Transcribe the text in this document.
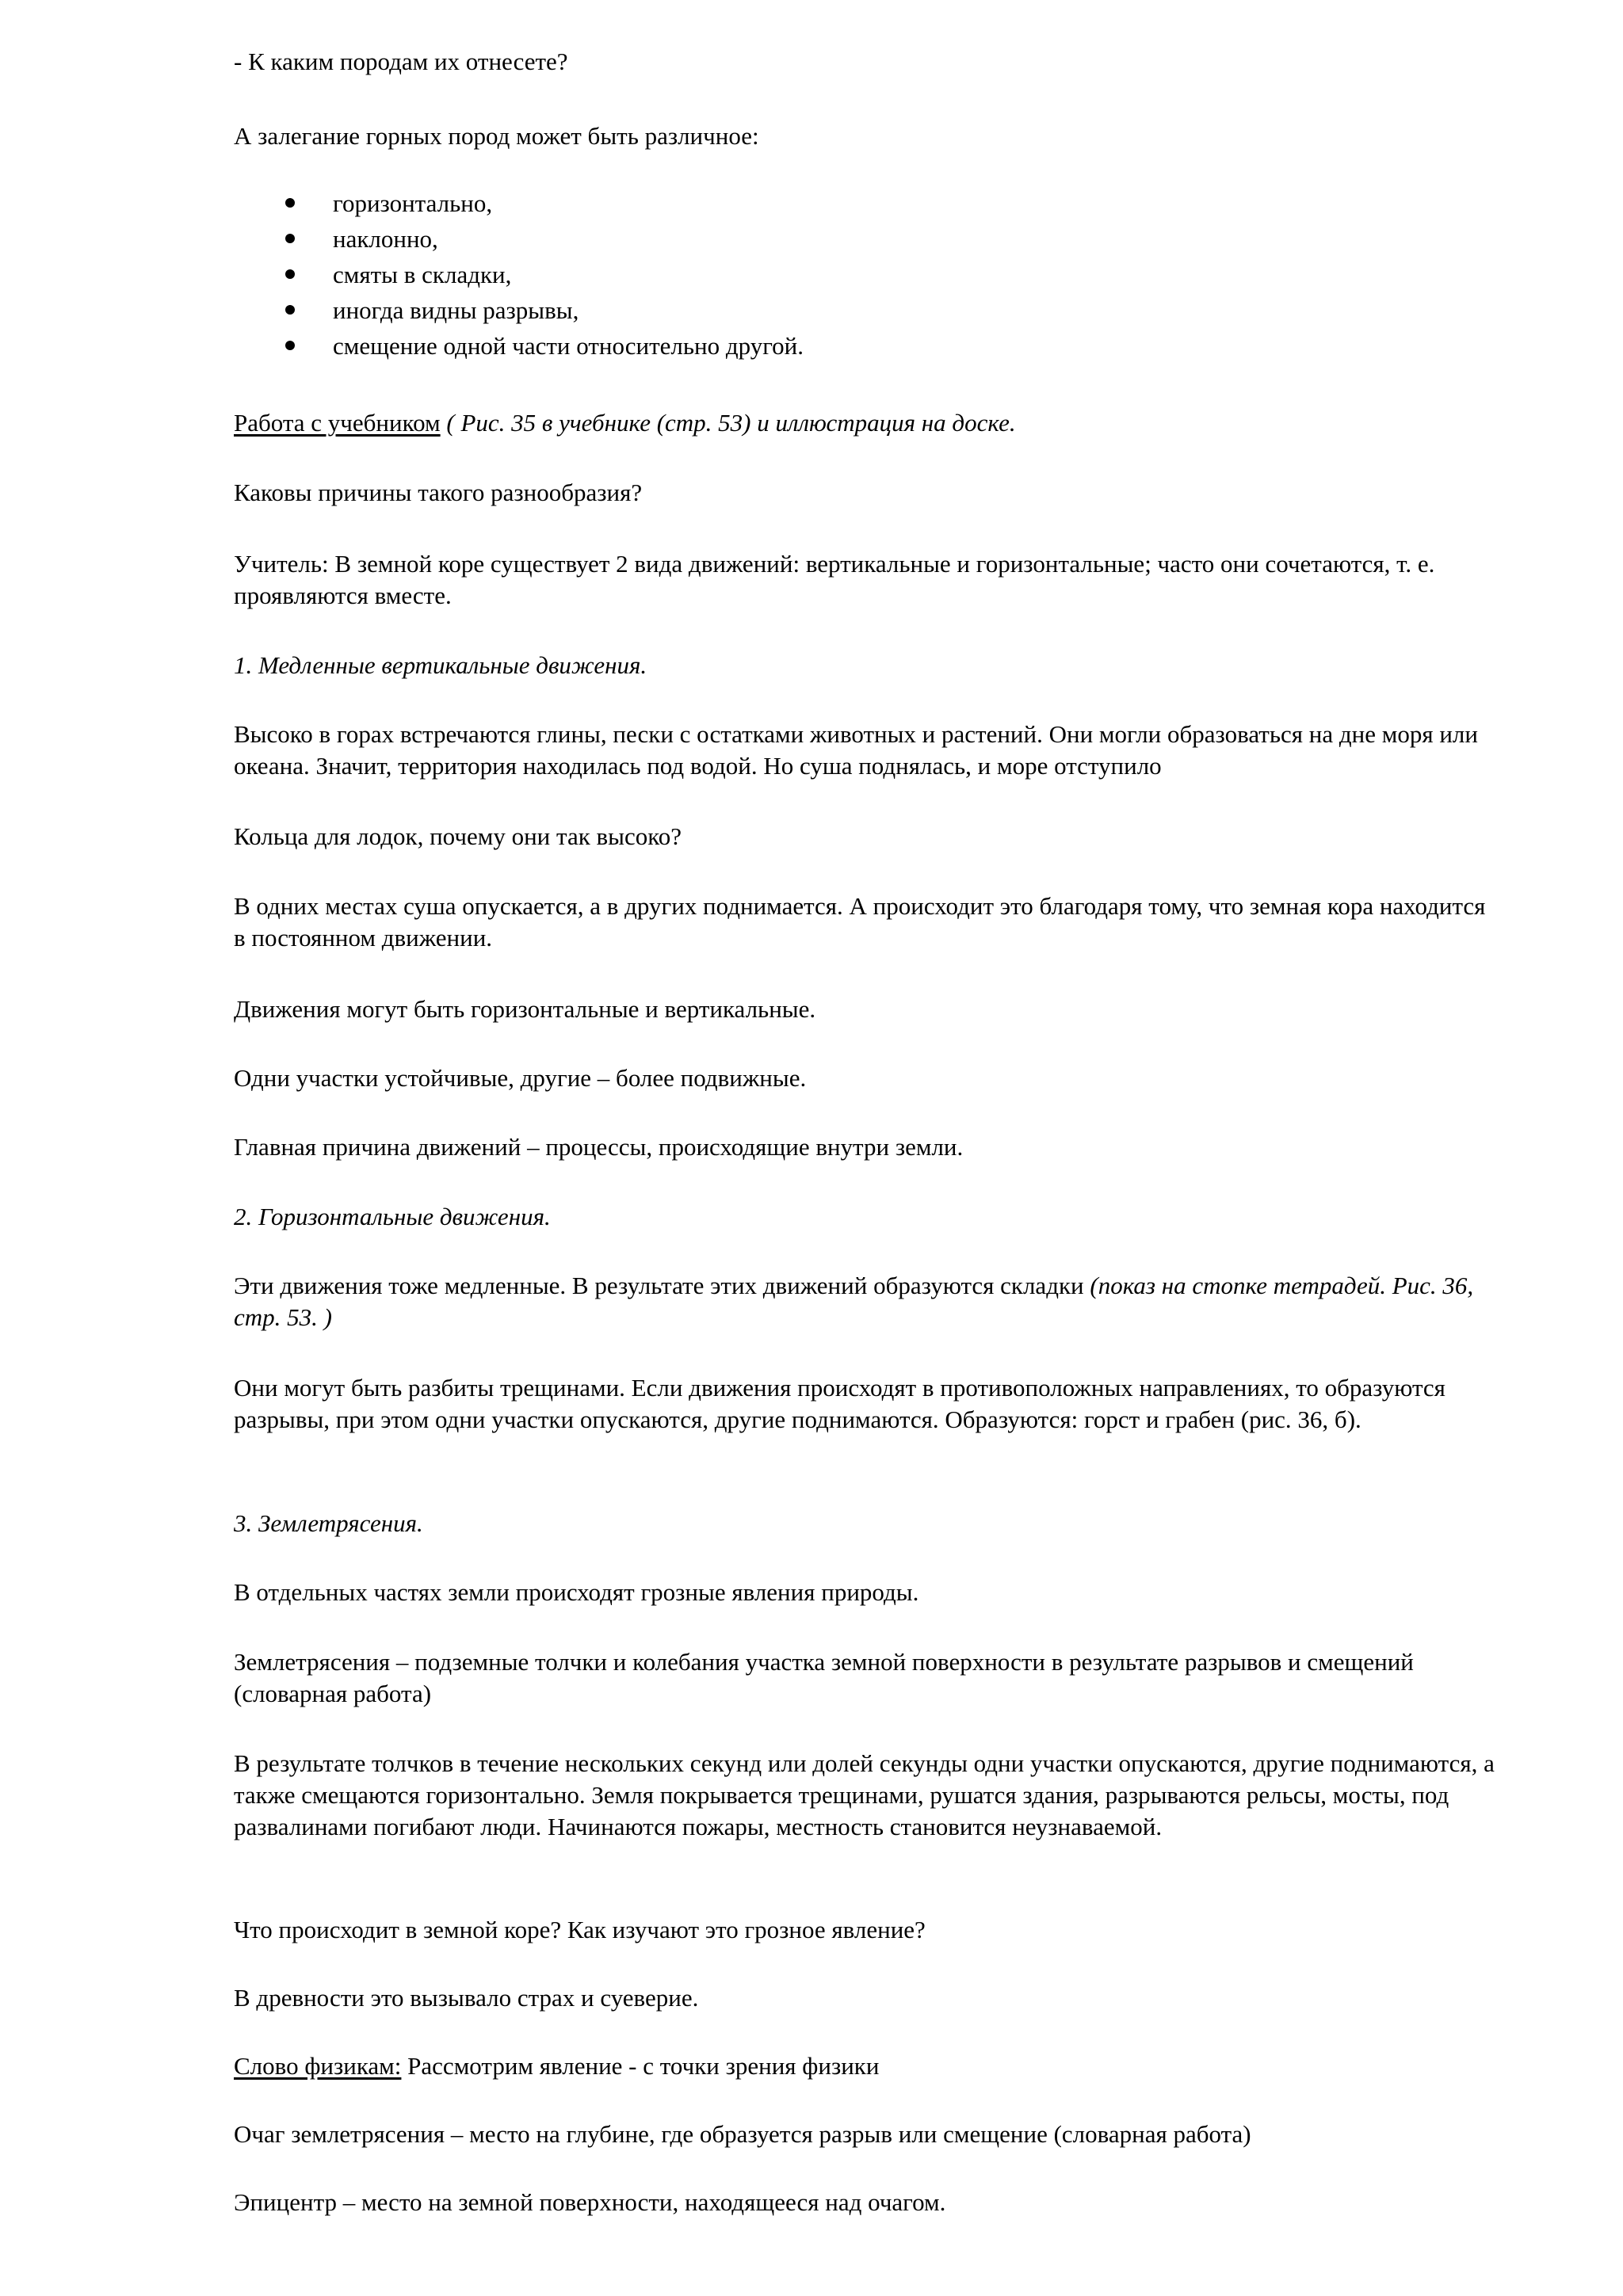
- К каким породам их отнесете?

А залегание горных пород может быть различное:

горизонтально,
наклонно,
смяты в складки,
иногда видны разрывы,
смещение одной части относительно другой.

Работа с учебником ( Рис. 35 в учебнике (стр. 53) и иллюстрация на доске.

Каковы причины такого разнообразия?

Учитель: В земной коре существует 2 вида движений: вертикальные и горизонтальные; часто они сочетаются, т. е. проявляются вместе.

1. Медленные вертикальные движения.

Высоко в горах встречаются глины, пески с остатками животных и растений. Они могли образоваться на дне моря или океана. Значит, территория находилась под водой. Но суша поднялась, и море отступило

Кольца для лодок, почему они так высоко?

В одних местах суша опускается, а в других поднимается. А происходит это благодаря тому, что земная кора находится в постоянном движении.

Движения могут быть горизонтальные и вертикальные.

Одни участки устойчивые, другие – более подвижные.

Главная причина движений – процессы, происходящие внутри земли.

2. Горизонтальные движения.

Эти движения тоже медленные. В результате этих движений образуются складки (показ на стопке тетрадей. Рис. 36, стр. 53. )

Они могут быть разбиты трещинами. Если движения происходят в противоположных направлениях, то образуются разрывы, при этом одни участки опускаются, другие поднимаются. Образуются: горст и грабен (рис. 36, б).

3. Землетрясения.

В отдельных частях земли происходят грозные явления природы.

Землетрясения – подземные толчки и колебания участка земной поверхности в результате разрывов и смещений (словарная работа)

В результате толчков в течение нескольких секунд или долей секунды одни участки опускаются, другие поднимаются, а также смещаются горизонтально. Земля покрывается трещинами, рушатся здания, разрываются рельсы, мосты, под развалинами погибают люди. Начинаются пожары, местность становится неузнаваемой.

Что происходит в земной коре? Как изучают это грозное явление?

В древности это вызывало страх и суеверие.

Слово физикам: Рассмотрим явление - с точки зрения физики

Очаг землетрясения – место на глубине, где образуется разрыв или смещение (словарная работа)

Эпицентр – место на земной поверхности, находящееся над очагом.
